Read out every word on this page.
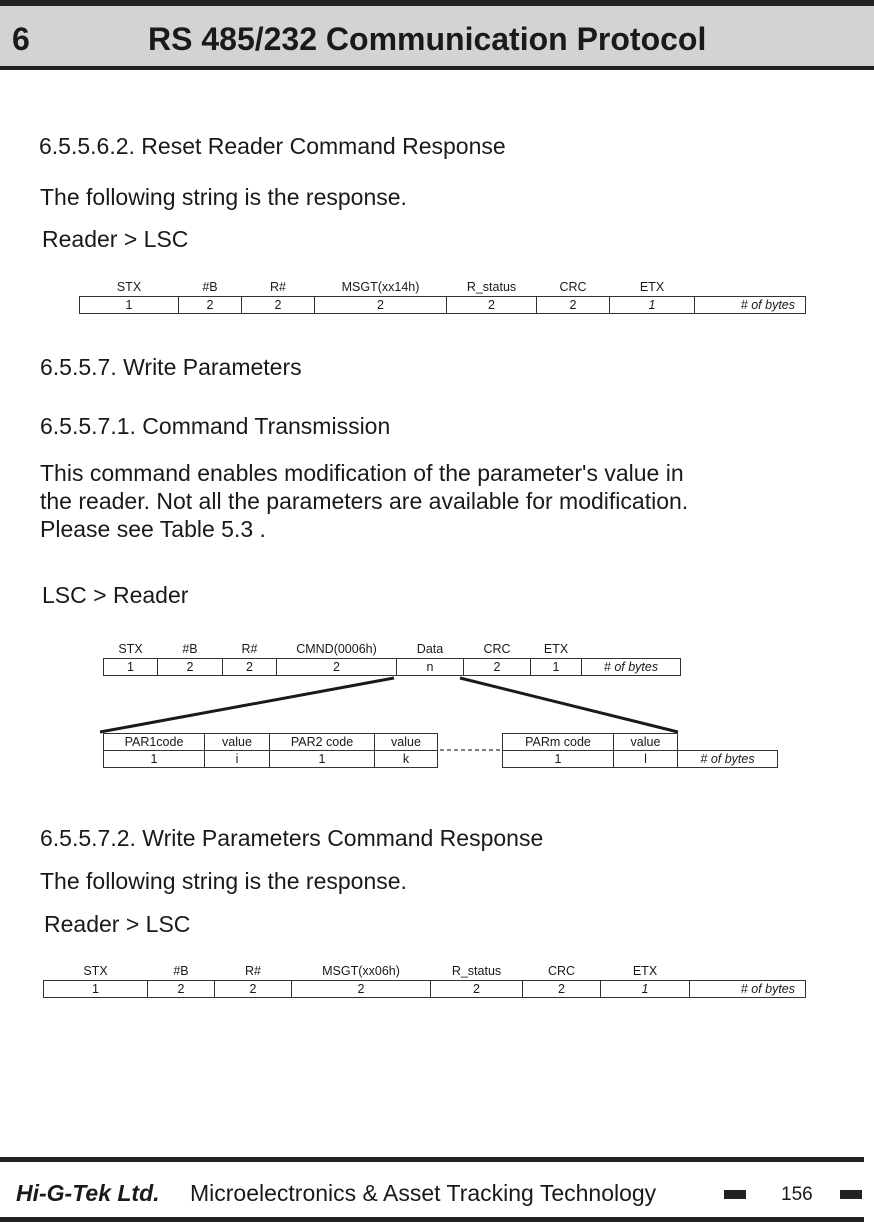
6	RS 485/232 Communication Protocol
6.5.5.6.2. Reset Reader Command Response
The following string is the response.
Reader > LSC
STX	#B	R#	MSGT(xx14h)	R_status	CRC	ETX	
1	2	2	2	2	2	1	# of bytes
6.5.5.7. Write Parameters
6.5.5.7.1. Command Transmission
This command enables modification of the parameter's value in
the reader. Not all the parameters are available for modification.
Please see Table 5.3 .
LSC > Reader
STX	#B	R#	CMND(0006h)	Data	CRC	ETX	
1	2	2	2	n	2	1	# of bytes
PAR1code	value	PAR2 code	value
1	i	1	k
PARm code	value	
1	l	# of bytes
6.5.5.7.2. Write Parameters Command Response
The following string is the response.
Reader > LSC
STX	#B	R#	MSGT(xx06h)	R_status	CRC	ETX	
1	2	2	2	2	2	1	# of bytes
Hi-G-Tek Ltd. Microelectronics & Asset Tracking Technology	156
